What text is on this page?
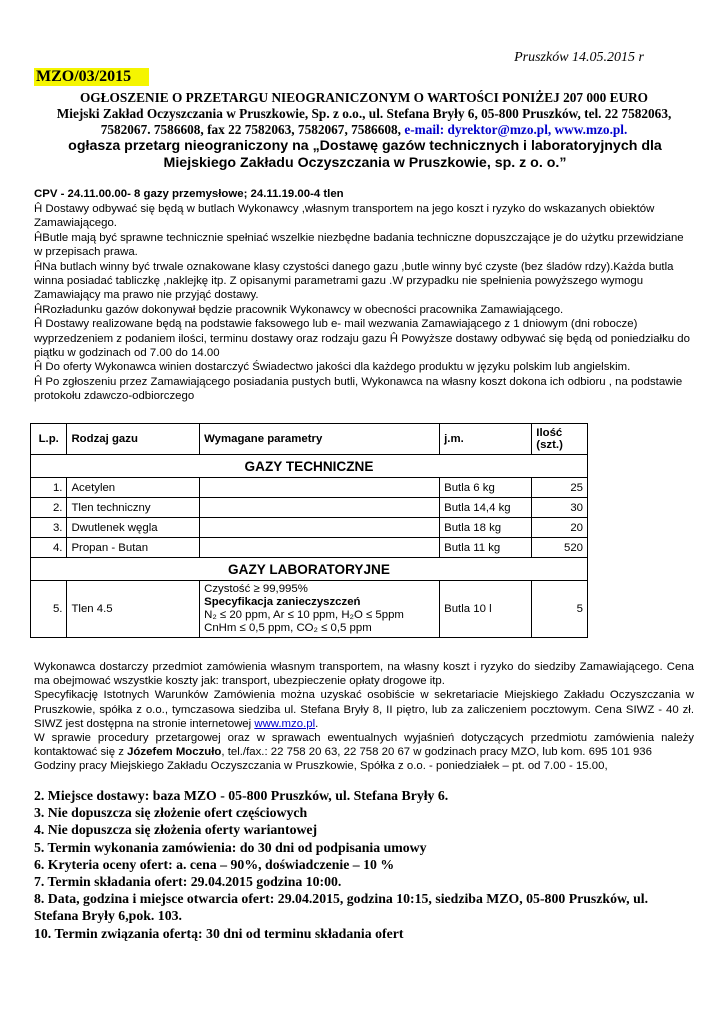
Pruszków 14.05.2015 r
MZO/03/2015
OGŁOSZENIE O PRZETARGU NIEOGRANICZONYM O WARTOŚCI PONIŻEJ 207 000 EURO
Miejski Zakład Oczyszczania w Pruszkowie, Sp. z o.o., ul. Stefana Bryły 6, 05-800 Pruszków, tel. 22 7582063, 7582067. 7586608, fax 22 7582063, 7582067, 7586608, e-mail: dyrektor@mzo.pl, www.mzo.pl.
ogłasza przetarg nieograniczony na „Dostawę gazów technicznych i laboratoryjnych dla Miejskiego Zakładu Oczyszczania w Pruszkowie, sp. z o. o.”
CPV - 24.11.00.00- 8 gazy przemysłowe; 24.11.19.00-4 tlen

Ĥ Dostawy odbywać się będą w butlach Wykonawcy ,własnym transportem na jego koszt i ryzyko do wskazanych obiektów Zamawiającego.

ĤButle mają być sprawne technicznie spełniać wszelkie niezbędne badania techniczne dopuszczające je do użytku przewidziane w przepisach prawa.

ĤNa butlach winny być trwale oznakowane klasy czystości danego gazu ,butle winny być czyste (bez śladów rdzy).Każda butla winna posiadać tabliczkę ,naklejkę itp. Z opisanymi parametrami gazu .W przypadku nie spełnienia powyższego wymogu Zamawiający ma prawo nie przyjąć dostawy.

ĤRozładunku gazów dokonywał będzie pracownik Wykonawcy w obecności pracownika Zamawiającego.

Ĥ Dostawy realizowane będą na podstawie faksowego lub e- mail wezwania Zamawiającego z 1 dniowym (dni robocze) wyprzedzeniem z podaniem ilości, terminu dostawy oraz rodzaju gazu Ĥ Powyższe dostawy odbywać się będą od poniedziałku do piątku w godzinach od 7.00 do 14.00

Ĥ Do oferty Wykonawca winien dostarczyć Świadectwo jakości dla każdego produktu w języku polskim lub angielskim.

Ĥ Po zgłoszeniu przez Zamawiającego posiadania pustych butli, Wykonawca na własny koszt dokona ich odbioru , na podstawie protokołu zdawczo-odbiorczego

L.p.	Rodzaj gazu	Wymagane parametry	j.m.	Ilość (szt.)
GAZY TECHNICZNE				
1.	Acetylen		Butla 6 kg	25
2.	Tlen techniczny		Butla 14,4 kg	30
3.	Dwutlenek węgla		Butla 18 kg	20
4.	Propan - Butan		Butla 11 kg	520
GAZY LABORATORYJNE				
5.	Tlen 4.5	Czystość ≥ 99,995%
Specyfikacja zanieczyszczeń
N₂ ≤ 20 ppm, Ar ≤ 10 ppm, H₂O ≤ 5ppm
CnHm ≤ 0,5 ppm, CO₂ ≤ 0,5 ppm	Butla 10 l	5

Wykonawca dostarczy przedmiot zamówienia własnym transportem, na własny koszt i ryzyko do siedziby Zamawiającego. Cena ma obejmować wszystkie koszty jak: transport, ubezpieczenie opłaty drogowe itp.

Specyfikację Istotnych Warunków Zamówienia można uzyskać osobiście w sekretariacie Miejskiego Zakładu Oczyszczania w Pruszkowie, spółka z o.o., tymczasowa siedziba ul. Stefana Bryły 8, II piętro, lub za zaliczeniem pocztowym. Cena SIWZ - 40 zł. SIWZ jest dostępna na stronie internetowej www.mzo.pl.

W sprawie procedury przetargowej oraz w sprawach ewentualnych wyjaśnień dotyczących przedmiotu zamówienia należy kontaktować się z Józefem Moczuło, tel./fax.: 22 758 20 63, 22 758 20 67 w godzinach pracy MZO, lub kom. 695 101 936

Godziny pracy Miejskiego Zakładu Oczyszczania w Pruszkowie, Spółka z o.o. - poniedziałek – pt. od 7.00 - 15.00,

2. Miejsce dostawy: baza MZO - 05-800 Pruszków, ul. Stefana Bryły 6.

3. Nie dopuszcza się złożenie ofert częściowych

4. Nie dopuszcza się złożenia oferty wariantowej

5. Termin wykonania zamówienia: do 30 dni od podpisania umowy

6. Kryteria oceny ofert: a. cena – 90%, doświadczenie – 10 %

7. Termin składania ofert: 29.04.2015 godzina 10:00.

8. Data, godzina i miejsce otwarcia ofert: 29.04.2015, godzina 10:15, siedziba MZO, 05-800 Pruszków, ul. Stefana Bryły 6,pok. 103.

10. Termin związania ofertą: 30 dni od terminu składania ofert
